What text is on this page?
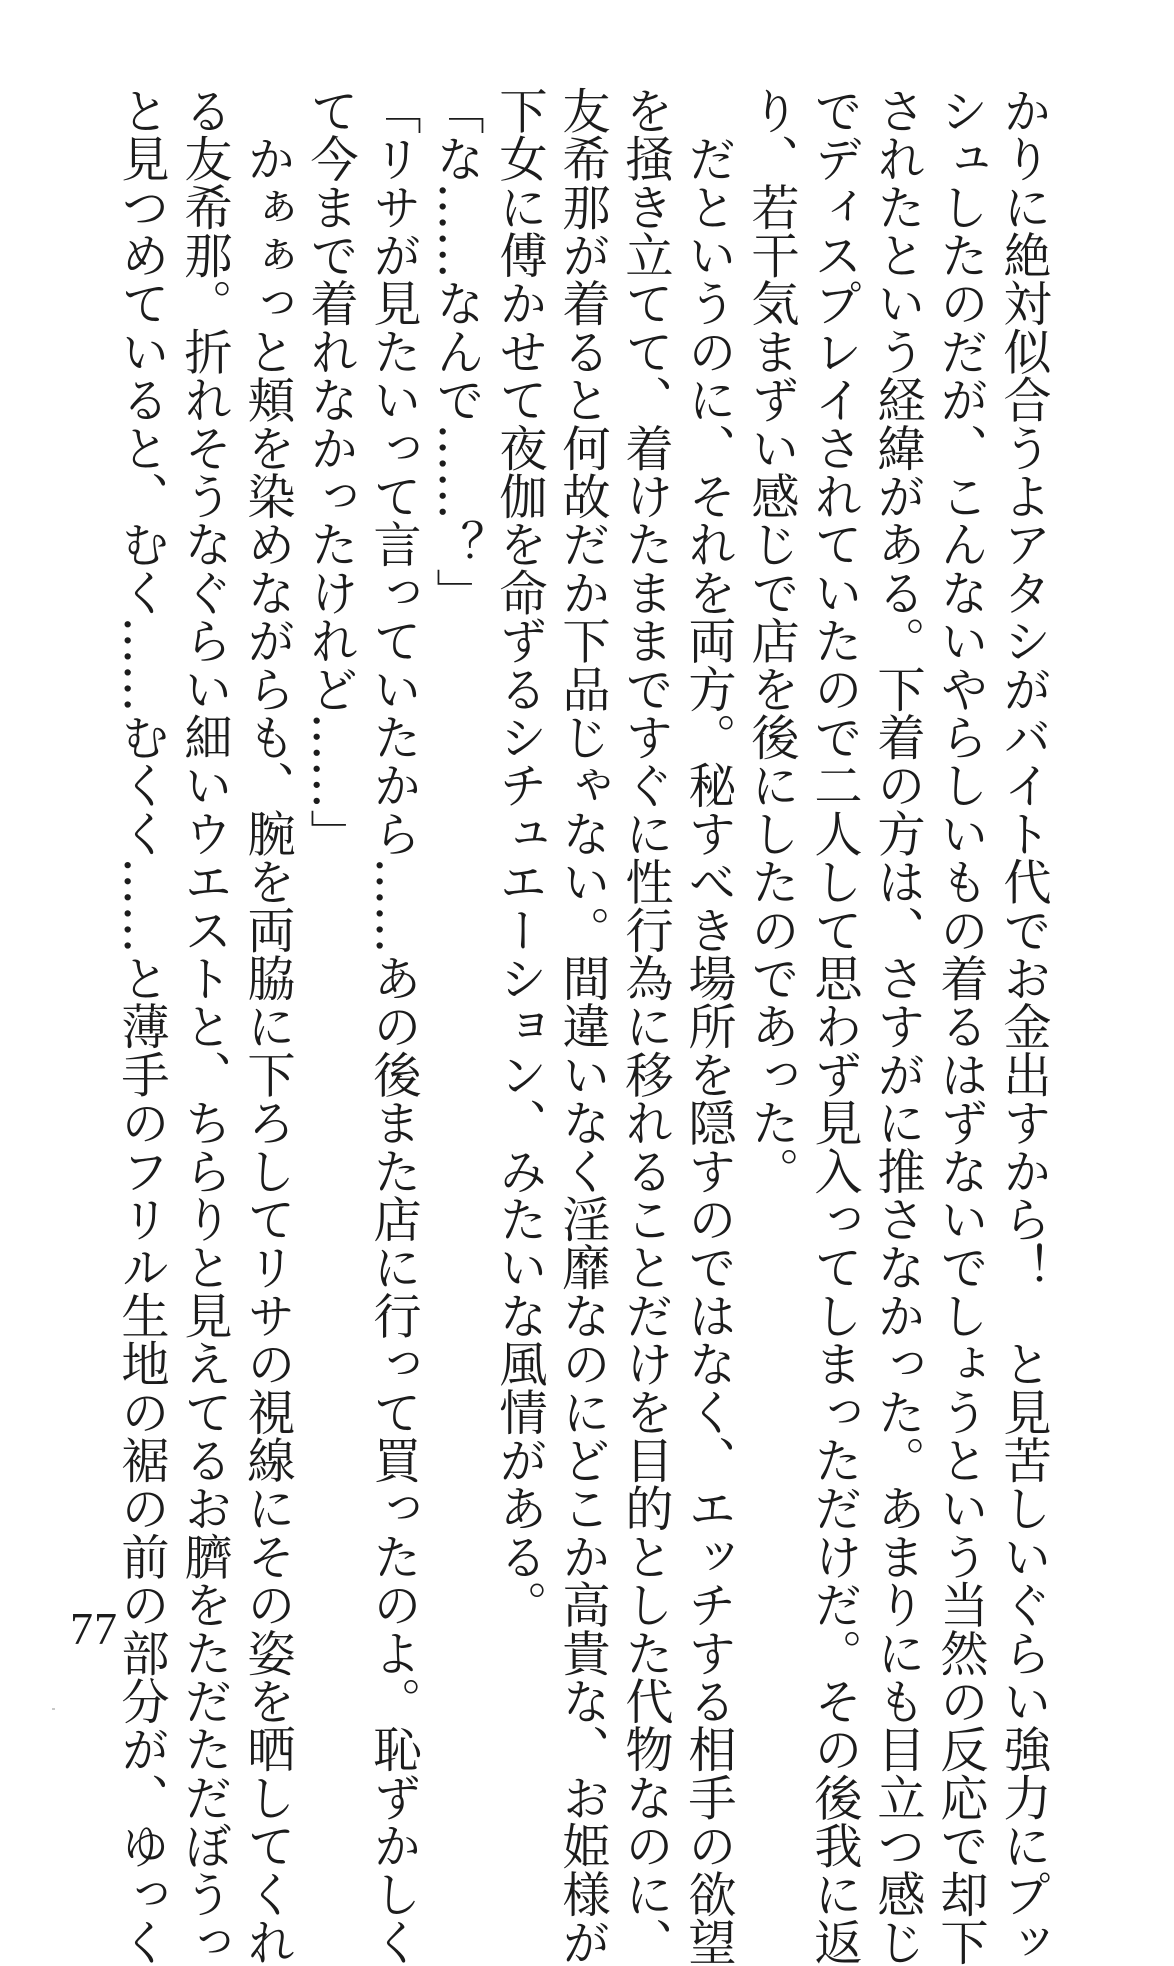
かりに絶対似合うよアタシがバイト代でお金出すから！　と見苦しいぐらい強力にプッ
シュしたのだが、こんないやらしいもの着るはずないでしょうという当然の反応で却下
されたという経緯がある。下着の方は、さすがに推さなかった。あまりにも目立つ感じ
でディスプレイされていたので二人して思わず見入ってしまっただけだ。その後我に返
り、若干気まずい感じで店を後にしたのであった。
　だというのに、それを両方。秘すべき場所を隠すのではなく、エッチする相手の欲望
を掻き立てて、着けたままですぐに性行為に移れることだけを目的とした代物なのに、
友希那が着ると何故だか下品じゃない。間違いなく淫靡なのにどこか高貴な、お姫様が
下女に傅かせて夜伽を命ずるシチュエーション、みたいな風情がある。
「な……なんで……？」
「リサが見たいって言っていたから……あの後また店に行って買ったのよ。恥ずかしく
て今まで着れなかったけれど……」
　かぁぁっと頬を染めながらも、腕を両脇に下ろしてリサの視線にその姿を晒してくれ
る友希那。折れそうなぐらい細いウエストと、ちらりと見えてるお臍をただただぼうっ
と見つめていると、むく……むくく……と薄手のフリル生地の裾の前の部分が、ゆっく
77
